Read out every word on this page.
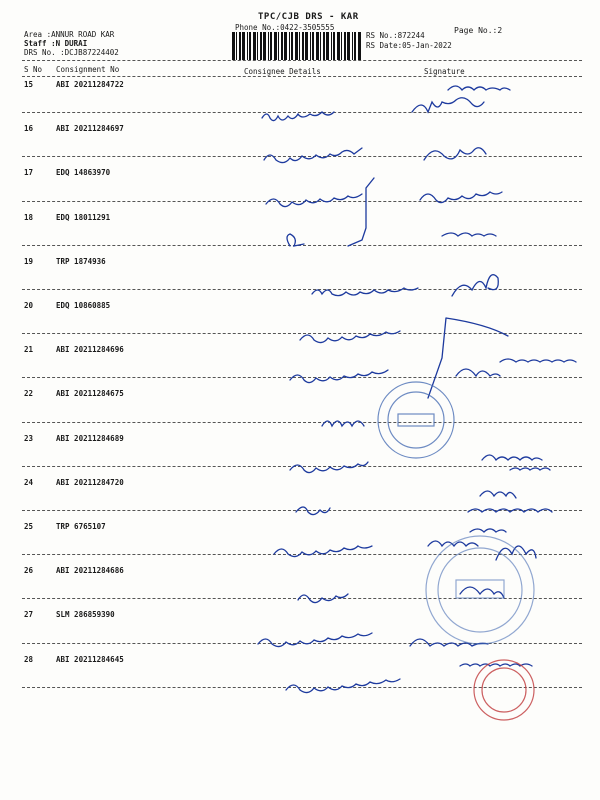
TPC/CJB DRS - KAR
Phone No.:0422-3505555	Page No.:2
Area :ANNUR ROAD KAR
Staff :N DURAI
DRS No. :DCJB87224402
RS No.:872244
RS Date:05-Jan-2022
S No Consignment No	Consignee Details	Signature
15	ABI 20211284722
16	ABI 20211284697
17	EDQ 14863970
18	EDQ 18011291
19	TRP 1874936
20	EDQ 10860885
21	ABI 20211284696
22	ABI 20211284675
23	ABI 20211284689
24	ABI 20211284720
25	TRP 6765107
26	ABI 20211284686
27	SLM 286859390
28	ABI 20211284645
